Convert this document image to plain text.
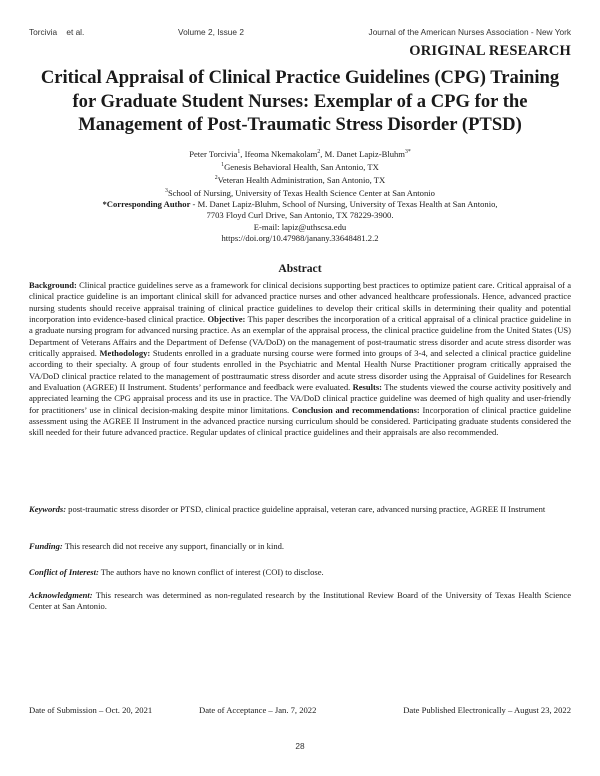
Torcivia    et al.	Volume 2, Issue 2	Journal of the American Nurses Association - New York
ORIGINAL RESEARCH
Critical Appraisal of Clinical Practice Guidelines (CPG) Training for Graduate Student Nurses: Exemplar of a CPG for the Management of Post-Traumatic Stress Disorder (PTSD)
Peter Torcivia$^1$, Ifeoma Nkemakolam$^2$, M. Danet Lapiz-Bluhm$^{3*}$
$^1$Genesis Behavioral Health, San Antonio, TX
$^2$Veteran Health Administration, San Antonio, TX
$^3$School of Nursing, University of Texas Health Science Center at San Antonio
*Corresponding Author - M. Danet Lapiz-Bluhm, School of Nursing, University of Texas Health at San Antonio,
7703 Floyd Curl Drive, San Antonio, TX 78229-3900.
E-mail: lapiz@uthscsa.edu
https://doi.org/10.47988/janany.33648481.2.2
Abstract

Background: Clinical practice guidelines serve as a framework for clinical decisions supporting best practices to optimize patient care. Critical appraisal of a clinical practice guideline is an important clinical skill for advanced practice nurses and other advanced healthcare professionals. Hence, advanced practice nursing students should receive appraisal training of clinical practice guidelines to develop their critical skills in determining their quality and potential incorporation into evidence-based clinical practice. Objective: This paper describes the incorporation of a critical appraisal of a clinical practice guideline in a graduate nursing program for advanced nursing practice. As an exemplar of the appraisal process, the clinical practice guideline from the United States (US) Department of Veterans Affairs and the Department of Defense (VA/DoD) on the management of post-traumatic stress disorder and acute stress disorder was critically appraised. Methodology: Students enrolled in a graduate nursing course were formed into groups of 3-4, and selected a clinical practice guideline according to their specialty. A group of four students enrolled in the Psychiatric and Mental Health Nurse Practitioner program critically appraised the VA/DoD clinical practice related to the management of posttraumatic stress disorder and acute stress disorder using the Appraisal of Guidelines for Research and Evaluation (AGREE) II Instrument. Students’ performance and feedback were evaluated. Results: The students viewed the course activity positively and appreciated learning the CPG appraisal process and its use in practice. The VA/DoD clinical practice guideline was deemed of high quality and user-friendly for practitioners’ use in clinical decision-making despite minor limitations. Conclusion and recommendations: Incorporation of clinical practice guideline assessment using the AGREE II Instrument in the advanced practice nursing curriculum should be considered. Participating graduate students considered the skill needed for their future advanced practice. Regular updates of clinical practice guidelines and their appraisals are also recommended.

Keywords: post-traumatic stress disorder or PTSD, clinical practice guideline appraisal, veteran care, advanced nursing practice, AGREE II Instrument

Funding: This research did not receive any support, financially or in kind.

Conflict of Interest: The authors have no known conflict of interest (COI) to disclose.

Acknowledgment: This research was determined as non-regulated research by the Institutional Review Board of the University of Texas Health Science Center at San Antonio.

Date of Submission – Oct. 20, 2021	Date of Acceptance – Jan. 7, 2022	Date Published Electronically – August 23, 2022
28
